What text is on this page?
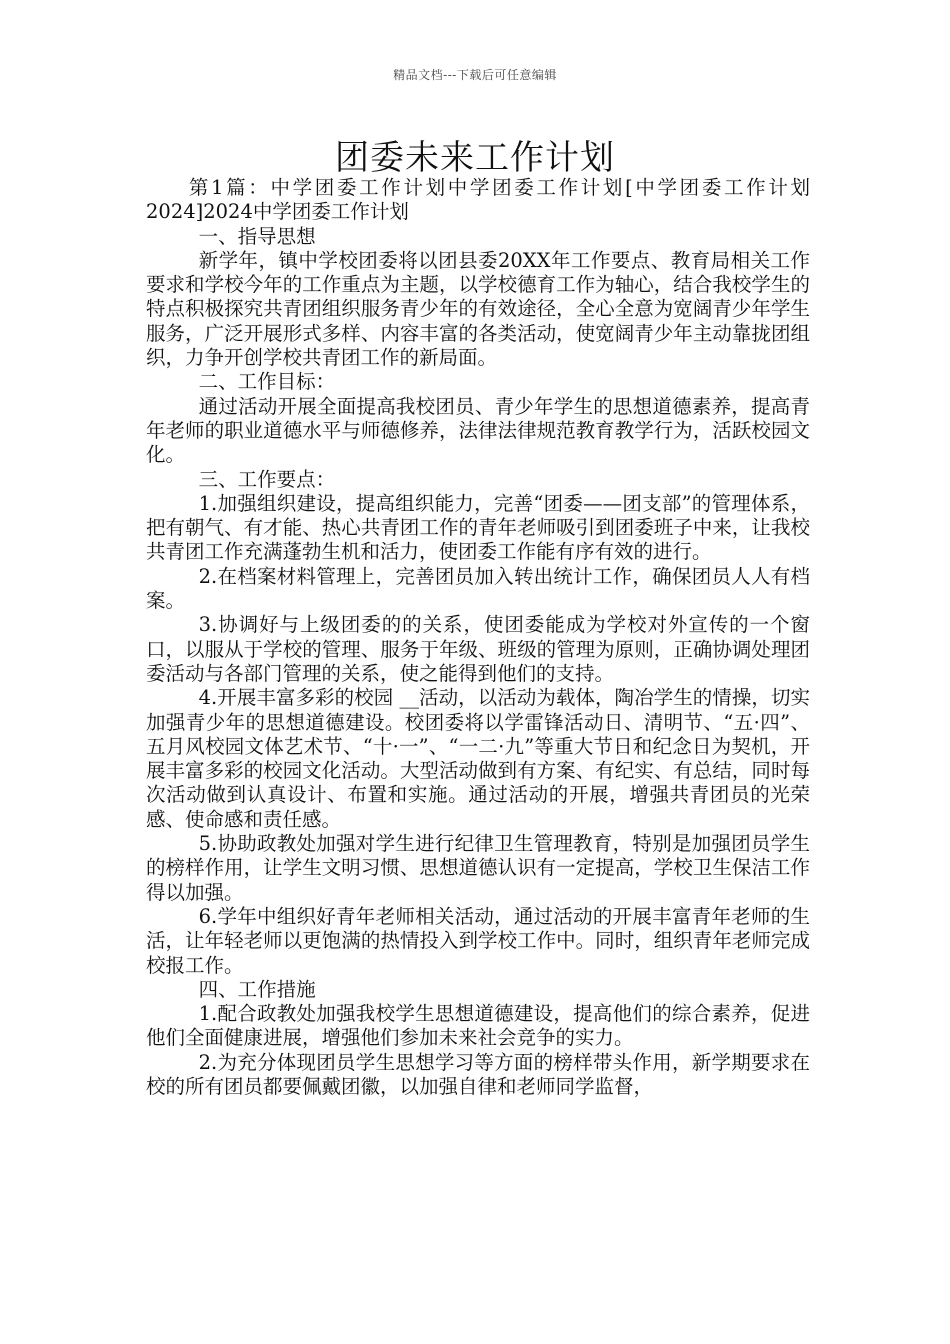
精品文档---下载后可任意编辑
团委未来工作计划

第1篇：中学团委工作计划中学团委工作计划[中学团委工作计划2024]2024中学团委工作计划

一、指导思想

新学年，镇中学校团委将以团县委20XX年工作要点、教育局相关工作要求和学校今年的工作重点为主题，以学校德育工作为轴心，结合我校学生的特点积极探究共青团组织服务青少年的有效途径，全心全意为宽阔青少年学生服务，广泛开展形式多样、内容丰富的各类活动，使宽阔青少年主动靠拢团组织，力争开创学校共青团工作的新局面。

二、工作目标：

通过活动开展全面提高我校团员、青少年学生的思想道德素养，提高青年老师的职业道德水平与师德修养，法律法律规范教育教学行为，活跃校园文化。

三、工作要点：

1.加强组织建设，提高组织能力，完善“团委——团支部”的管理体系，把有朝气、有才能、热心共青团工作的青年老师吸引到团委班子中来，让我校共青团工作充满蓬勃生机和活力，使团委工作能有序有效的进行。

2.在档案材料管理上，完善团员加入转出统计工作，确保团员人人有档案。

3.协调好与上级团委的的关系，使团委能成为学校对外宣传的一个窗口，以服从于学校的管理、服务于年级、班级的管理为原则，正确协调处理团委活动与各部门管理的关系，使之能得到他们的支持。

4.开展丰富多彩的校园 __活动，以活动为载体，陶冶学生的情操，切实加强青少年的思想道德建设。校团委将以学雷锋活动日、清明节、“五·四”、五月风校园文体艺术节、“十·一”、“一二·九”等重大节日和纪念日为契机，开展丰富多彩的校园文化活动。大型活动做到有方案、有纪实、有总结，同时每次活动做到认真设计、布置和实施。通过活动的开展，增强共青团员的光荣感、使命感和责任感。

5.协助政教处加强对学生进行纪律卫生管理教育，特别是加强团员学生的榜样作用，让学生文明习惯、思想道德认识有一定提高，学校卫生保洁工作得以加强。

6.学年中组织好青年老师相关活动，通过活动的开展丰富青年老师的生活，让年轻老师以更饱满的热情投入到学校工作中。同时，组织青年老师完成校报工作。

四、工作措施

1.配合政教处加强我校学生思想道德建设，提高他们的综合素养，促进他们全面健康进展，增强他们参加未来社会竞争的实力。

2.为充分体现团员学生思想学习等方面的榜样带头作用，新学期要求在校的所有团员都要佩戴团徽，以加强自律和老师同学监督，
